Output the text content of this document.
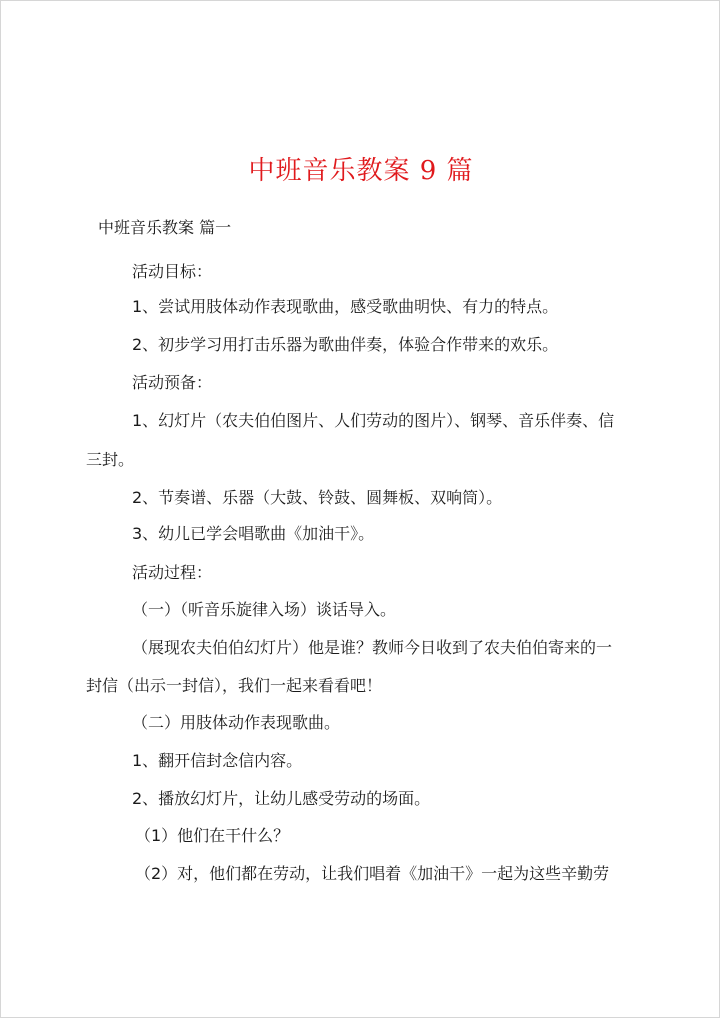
中班音乐教案 9 篇
中班音乐教案 篇一
活动目标：
1、尝试用肢体动作表现歌曲，感受歌曲明快、有力的特点。
2、初步学习用打击乐器为歌曲伴奏，体验合作带来的欢乐。
活动预备：
1、幻灯片（农夫伯伯图片、人们劳动的图片）、钢琴、音乐伴奏、信
三封。
2、节奏谱、乐器（大鼓、铃鼓、圆舞板、双响筒）。
3、幼儿已学会唱歌曲《加油干》。
活动过程：
（一）（听音乐旋律入场）谈话导入。
（展现农夫伯伯幻灯片）他是谁？教师今日收到了农夫伯伯寄来的一
封信（出示一封信），我们一起来看看吧！
（二）用肢体动作表现歌曲。
1、翻开信封念信内容。
2、播放幻灯片，让幼儿感受劳动的场面。
（1）他们在干什么？
（2）对，他们都在劳动，让我们唱着《加油干》一起为这些辛勤劳
